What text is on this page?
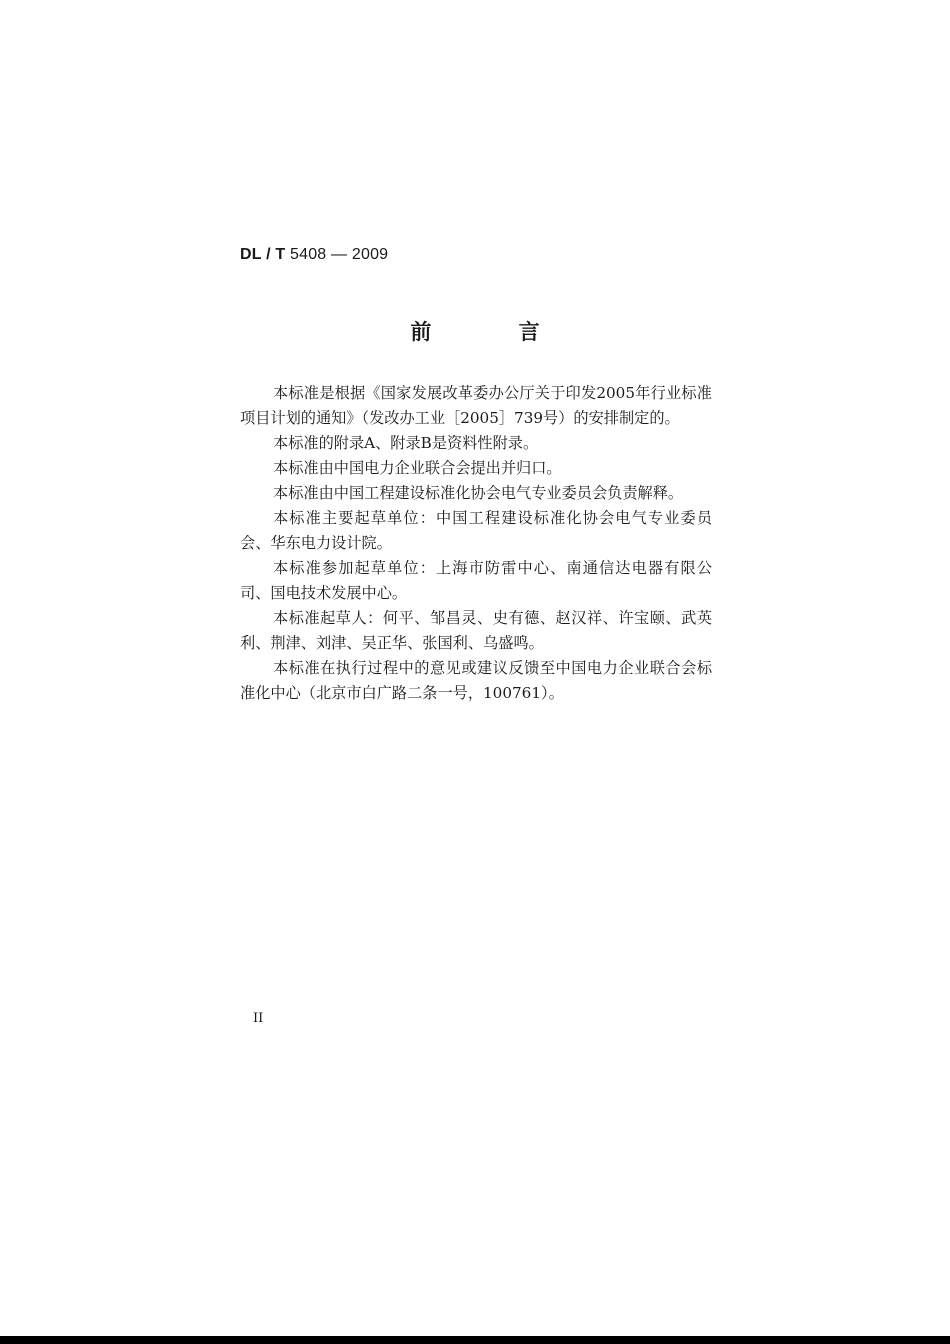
DL / T 5408 — 2009
前 言

本标准是根据《国家发展改革委办公厅关于印发2005年行业标准项目计划的通知》（发改办工业［2005］739号）的安排制定的。

本标准的附录A、附录B是资料性附录。

本标准由中国电力企业联合会提出并归口。

本标准由中国工程建设标准化协会电气专业委员会负责解释。

本标准主要起草单位：中国工程建设标准化协会电气专业委员会、华东电力设计院。

本标准参加起草单位：上海市防雷中心、南通信达电器有限公司、国电技术发展中心。

本标准起草人：何平、邹昌灵、史有德、赵汉祥、许宝颐、武英利、荆津、刘津、吴正华、张国利、乌盛鸣。

本标准在执行过程中的意见或建议反馈至中国电力企业联合会标准化中心（北京市白广路二条一号，100761）。

II
